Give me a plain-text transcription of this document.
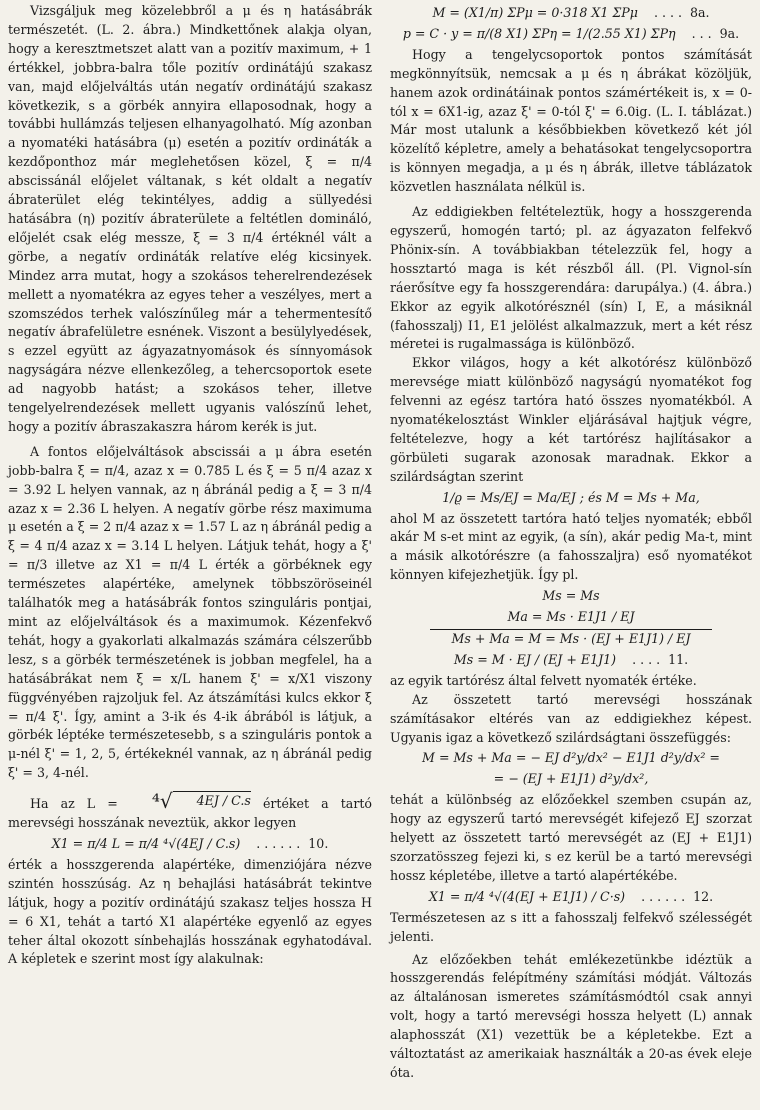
Vizsgáljuk meg közelebbről a μ és η hatásábrák természetét. (L. 2. ábra.) Mindkettőnek alakja olyan, hogy a keresztmetszet alatt van a pozitív maximum, + 1 értékkel, jobbra-balra tőle pozitív ordinátájú szakasz van, majd előjelváltás után negatív ordinátájú szakasz következik, s a görbék annyira ellaposodnak, hogy a további hullámzás teljesen elhanyagolható. Míg azonban a nyomatéki hatásábra (μ) esetén a pozitív ordináták a kezdőponthoz már meglehetősen közel, ξ = π/4 abscissánál előjelet váltanak, s két oldalt a negatív ábraterület elég tekintélyes, addig a süllyedési hatásábra (η) pozitív ábraterülete a feltétlen domináló, előjelét csak elég messze, ξ = 3 π/4 értéknél vált a görbe, a negatív ordináták relatíve elég kicsinyek. Mindez arra mutat, hogy a szokásos teherelrendezések mellett a nyomatékra az egyes teher a veszélyes, mert a szomszédos terhek valószínűleg már a tehermentesítő negatív ábrafelületre esnének. Viszont a besülylyedések, s ezzel együtt az ágyazatnyomások és sínnyomások nagyságára nézve ellenkezőleg, a tehercsoportok esete ad nagyobb hatást; a szokásos teher, illetve tengelyelrendezések mellett ugyanis valószínű lehet, hogy a pozitív ábraszakaszra három kerék is jut.

A fontos előjelváltások abscissái a μ ábra esetén jobb-balra ξ = π/4, azaz x = 0.785 L és ξ = 5 π/4 azaz x = 3.92 L helyen vannak, az η ábránál pedig a ξ = 3 π/4 azaz x = 2.36 L helyen. A negatív görbe rész maximuma μ esetén a ξ = 2 π/4 azaz x = 1.57 L az η ábránál pedig a ξ = 4 π/4 azaz x = 3.14 L helyen. Látjuk tehát, hogy a ξ' = π/3 illetve az X1 = π/4 L érték a görbéknek egy természetes alapértéke, amelynek többszöröseinél találhatók meg a hatásábrák fontos szinguláris pontjai, mint az előjelváltások és a maximumok. Kézenfekvő tehát, hogy a gyakorlati alkalmazás számára célszerűbb lesz, s a görbék természetének is jobban megfelel, ha a hatásábrákat nem ξ = x/L hanem ξ' = x/X1 viszony függvényében rajzoljuk fel. Az átszámítási kulcs ekkor ξ = π/4 ξ'. Így, amint a 3-ik és 4-ik ábrából is látjuk, a görbék léptéke természetesebb, s a szinguláris pontok a μ-nél ξ' = 1, 2, 5, értékeknél vannak, az η ábránál pedig ξ' = 3, 4-nél.

Ha az L =	⁴√	4EJ / C.s értéket a tartó merevségi hosszának neveztük, akkor legyen

X1 = π/4 L = π/4 ⁴√(4EJ / C.s) ...... 10.

érték a hosszgerenda alapértéke, dimenziójára nézve szintén hosszúság. Az η behajlási hatásábrát tekintve látjuk, hogy a pozitív ordinátájú szakasz teljes hossza H = 6 X1, tehát a tartó X1 alapértéke egyenlő az egyes teher által okozott sínbehajlás hosszának egyhatodával. A képletek e szerint most így alakulnak:

M = (X1/π) ΣPμ = 0·318 X1 ΣPμ .... 8a.
p = C · y = π/(8 X1) ΣPη = 1/(2.55 X1) ΣPη ... 9a.

Hogy a tengelycsoportok pontos számítását megkönnyítsük, nemcsak a μ és η ábrákat közöljük, hanem azok ordinátáinak pontos számértékeit is, x = 0-tól x = 6X1-ig, azaz ξ' = 0-tól ξ' = 6.0ig. (L. I. táblázat.) Már most utalunk a későbbiekben következő két jól közelítő képletre, amely a behatásokat tengelycsoportra is könnyen megadja, a μ és η ábrák, illetve táblázatok közvetlen használata nélkül is.

Az eddigiekben feltételeztük, hogy a hosszgerenda egyszerű, homogén tartó; pl. az ágyazaton felfekvő Phönix-sín. A továbbiakban tételezzük fel, hogy a hossztartó maga is két részből áll. (Pl. Vignol-sín ráerősítve egy fa hosszgerendára: darupálya.) (4. ábra.) Ekkor az egyik alkotórésznél (sín) I, E, a másiknál (fahosszalj) I1, E1 jelölést alkalmazzuk, mert a két rész méretei is rugalmassága is különböző.

Ekkor világos, hogy a két alkotórész különböző merevsége miatt különböző nagyságú nyomatékot fog felvenni az egész tartóra ható összes nyomatékból. A nyomatékelosztást Winkler eljárásával hajtjuk végre, feltételezve, hogy a két tartórész hajlításakor a görbületi sugarak azonosak maradnak. Ekkor a szilárdságtan szerint

1/ϱ = Ms/EJ = Ma/EJ ; és M = Ms + Ma,

ahol M az összetett tartóra ható teljes nyomaték; ebből akár M s-et mint az egyik, (a sín), akár pedig Ma-t, mint a másik alkotórészre (a fahosszaljra) eső nyomatékot könnyen kifejezhetjük. Így pl.

Ms = Ms
Ma = Ms · E1J1 / EJ
Ms + Ma = M = Ms · (EJ + E1J1) / EJ
Ms = M · EJ / (EJ + E1J1) .... 11.

az egyik tartórész által felvett nyomaték értéke.

Az összetett tartó merevségi hosszának számításakor eltérés van az eddigiekhez képest. Ugyanis igaz a következő szilárdságtani összefüggés:

M = Ms + Ma = − EJ d²y/dx² − E1J1 d²y/dx² =
= − (EJ + E1J1) d²y/dx²,

tehát a különbség az előzőekkel szemben csupán az, hogy az egyszerű tartó merevségét kifejező EJ szorzat helyett az összetett tartó merevségét az (EJ + E1J1) szorzatösszeg fejezi ki, s ez kerül be a tartó merevségi hossz képletébe, illetve a tartó alapértékébe.

X1 = π/4 ⁴√(4(EJ + E1J1) / C·s) ...... 12.

Természetesen az s itt a fahosszalj felfekvő szélességét jelenti.

Az előzőekben tehát emlékezetünkbe idéztük a hosszgerendás felépítmény számítási módját. Változás az általánosan ismeretes számításmódtól csak annyi volt, hogy a tartó merevségi hossza helyett (L) annak alaphosszát (X1) vezettük be a képletekbe. Ezt a változtatást az amerikaiak használták a 20-as évek eleje óta.
